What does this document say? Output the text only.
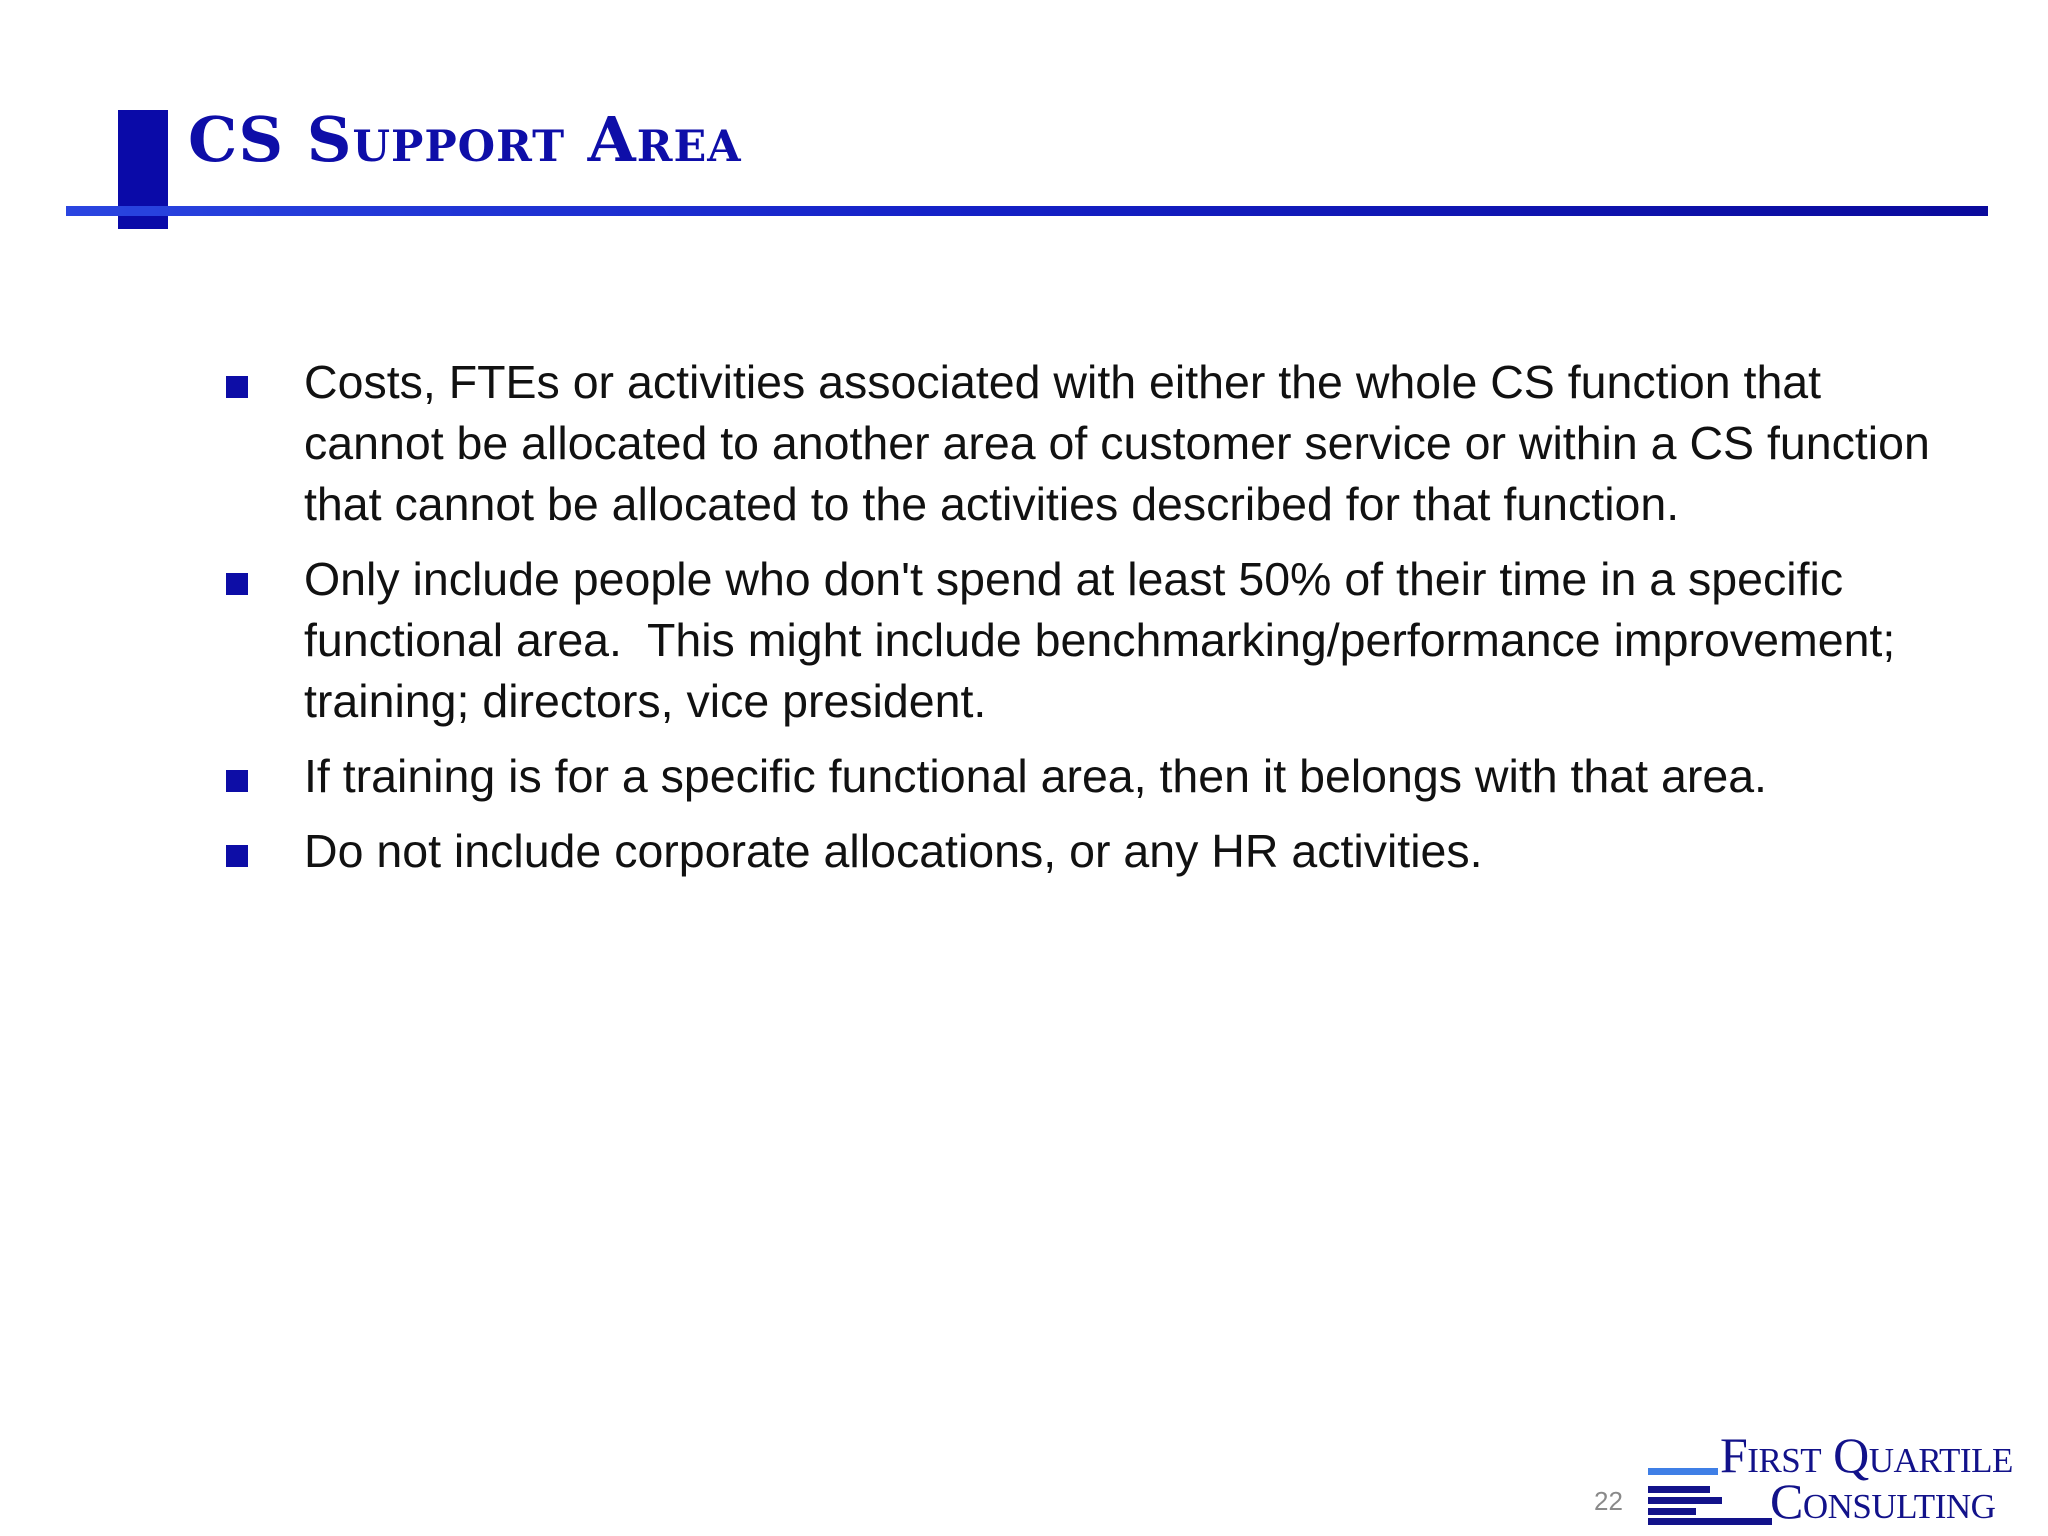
CS Support Area
Costs, FTEs or activities associated with either the whole CS function that cannot be allocated to another area of customer service or within a CS function that cannot be allocated to the activities described for that function.
Only include people who don't spend at least 50% of their time in a specific functional area.  This might include benchmarking/performance improvement; training; directors, vice president.
If training is for a specific functional area, then it belongs with that area.
Do not include corporate allocations, or any HR activities.
22
First Quartile
Consulting
